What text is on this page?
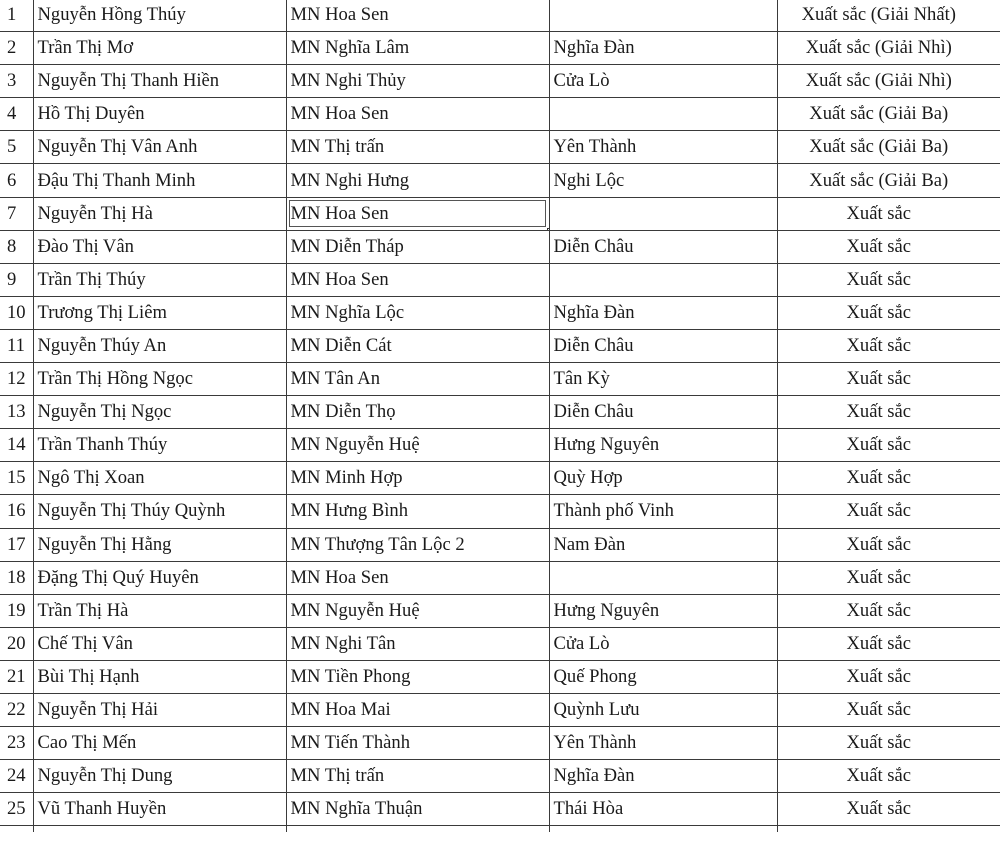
1	Nguyễn Hồng Thúy	MN Hoa Sen		Xuất sắc (Giải Nhất)
2	Trần Thị Mơ	MN Nghĩa Lâm	Nghĩa Đàn	Xuất sắc (Giải Nhì)
3	Nguyễn Thị Thanh Hiền	MN Nghi Thủy	Cửa Lò	Xuất sắc (Giải Nhì)
4	Hồ Thị Duyên	MN Hoa Sen		Xuất sắc (Giải Ba)
5	Nguyễn Thị Vân Anh	MN Thị trấn	Yên Thành	Xuất sắc (Giải Ba)
6	Đậu Thị Thanh Minh	MN Nghi Hưng	Nghi Lộc	Xuất sắc (Giải Ba)
7	Nguyễn Thị Hà	MN Hoa Sen		Xuất sắc
8	Đào Thị Vân	MN Diễn Tháp	Diễn Châu	Xuất sắc
9	Trần Thị Thúy	MN Hoa Sen		Xuất sắc
10	Trương Thị Liêm	MN Nghĩa Lộc	Nghĩa Đàn	Xuất sắc
11	Nguyễn Thúy An	MN Diễn Cát	Diễn Châu	Xuất sắc
12	Trần Thị Hồng Ngọc	MN Tân An	Tân Kỳ	Xuất sắc
13	Nguyễn Thị Ngọc	MN Diễn Thọ	Diễn Châu	Xuất sắc
14	Trần Thanh Thúy	MN Nguyễn Huệ	Hưng Nguyên	Xuất sắc
15	Ngô Thị Xoan	MN Minh Hợp	Quỳ Hợp	Xuất sắc
16	Nguyễn Thị Thúy Quỳnh	MN Hưng Bình	Thành phố Vinh	Xuất sắc
17	Nguyễn Thị Hằng	MN Thượng Tân Lộc 2	Nam Đàn	Xuất sắc
18	Đặng Thị Quý Huyên	MN Hoa Sen		Xuất sắc
19	Trần Thị Hà	MN Nguyễn Huệ	Hưng Nguyên	Xuất sắc
20	Chế Thị Vân	MN Nghi Tân	Cửa Lò	Xuất sắc
21	Bùi Thị Hạnh	MN Tiền Phong	Quế Phong	Xuất sắc
22	Nguyễn Thị Hải	MN Hoa Mai	Quỳnh Lưu	Xuất sắc
23	Cao Thị Mến	MN Tiến Thành	Yên Thành	Xuất sắc
24	Nguyễn Thị Dung	MN Thị trấn	Nghĩa Đàn	Xuất sắc
25	Vũ Thanh Huyền	MN Nghĩa Thuận	Thái Hòa	Xuất sắc
